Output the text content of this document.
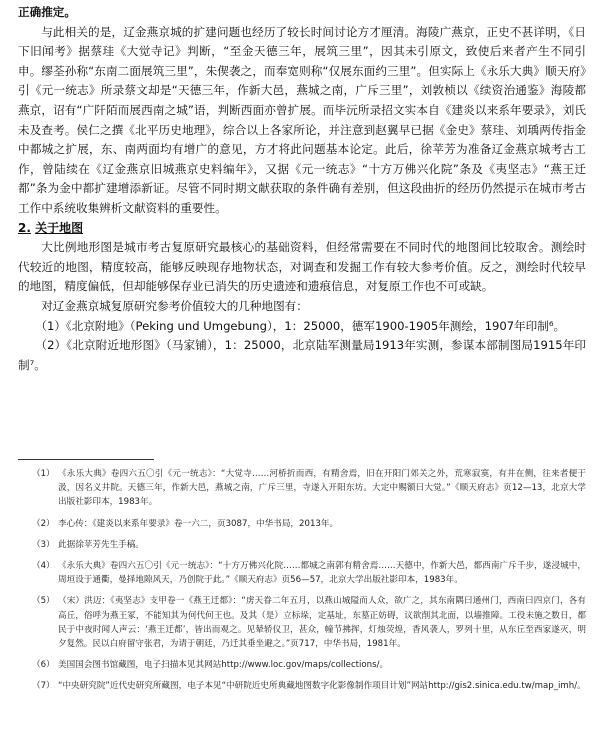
正确推定。

与此相关的是，辽金燕京城的扩建问题也经历了较长时间讨论方才厘清。海陵广燕京，正史不甚详明，《日下旧闻考》据蔡珪《大觉寺记》判断，“至金天德三年，展筑三里”，因其未引原文，致使后来者产生不同引申。缪荃孙称“东南二面展筑三里”，朱偰袭之，而奉宽则称“仅展东面约三里”。但实际上《永乐大典》顺天府》引《元一统志》所录蔡文却是“天德三年，作新大邑，燕城之南，广斥三里”，刘敦桢以《续资治通鉴》海陵都燕京，诏有“广阡陌而展西南之城”语，判断西面亦曾扩展。而毕沅所录招文实本自《建炎以来系年要录》，刘氏未及查考。侯仁之撰《北平历史地理》，综合以上各家所论，并注意到赵翼早已据《金史》蔡珪、刘瑀两传指金中都城之扩展，东、南两面均有增广的意见，方才将此问题基本论定。此后，徐苹芳为准备辽金燕京城考古工作，曾陆续在《辽金燕京旧城燕京史料编年》，又据《元一统志》“十方万佛兴化院”条及《夷坚志》“燕王迁都”条为金中都扩建增添新证。尽管不同时期文献获取的条件确有差别，但这段曲折的经历仍然提示在城市考古工作中系统收集辨析文献资料的重要性。

2. 关于地图

大比例地形图是城市考古复原研究最核心的基础资料，但经常需要在不同时代的地图间比较取舍。测绘时代较近的地图，精度较高，能够反映现存地物状态，对调查和发掘工作有较大参考价值。反之，测绘时代较早的地图，精度偏低，但却能够保存业已消失的历史遗迹和遗痕信息，对复原工作也不可或缺。

对辽金燕京城复原研究参考价值较大的几种地图有：

（1）《北京附地》（Peking und Umgebung），1：25000，德军1900-1905年测绘，1907年印制⁶。

（2）《北京附近地形图》（马家铺），1：25000，北京陆军测量局1913年实测，参谋本部制图局1915年印制⁷。

（1） 《永乐大典》卷四六五〇引《元一统志》：“大觉寺……河桥折而西，有精舍焉，旧在开阳门郊关之外，荒寒寂寞，有井在侧，往来者便于汲，因名义井院。天德三年，作新大邑，燕城之南，广斥三里，寺遂入开阳东坊。大定中赐额曰大觉。”《顺天府志》页12—13，北京大学出版社影印本，1983年。
（2） 李心传：《建炎以来系年要录》卷一六二，页3087，中华书局，2013年。
（3） 此据徐苹芳先生手稿。
（4） 《永乐大典》卷四六五〇引《元一统志》：“十方万佛兴化院……都城之南郭有精舍焉……天德中，作新大邑，都西南广斥千步，遂浸城中，周垣设于通衢，曼择地隙风天，乃创院于此。”《顺天府志》页56—57，北京大学出版社影印本，1983年。
（5） （宋）洪迈：《夷坚志》支甲卷一《燕王迁都》：“虏天眷二年五月，以燕山城隘而人众，欲广之，其东南隅曰通州门，西南曰四京门，各有高丘，俗呼为燕王冢，不能知其为何代何王也。及其（是）立标垛，定基址，东墓正妨碍，议欲削其北面，以墙推障。工役未施之数日，都民于中夜时闻人声云：‘燕王迁都’，皆出而观之。见辇轿仪卫，甚众，幢节拂挥，灯烛荧煌，香风袭人，罗列十里，从东丘至西家遂灭，明夕复然。民以白府留守张君，为请于朝廷，乃迁其垂坐避之。”页717，中华书局，1981年。
（6） 美国国会图书馆藏图，电子扫描本见其网站http://www.loc.gov/maps/collections/。
（7） “中央研究院”近代史研究所藏图，电子本见“中研院近史所典藏地图数字化影像制作项目计划”网站http://gis2.sinica.edu.tw/map_imh/。
